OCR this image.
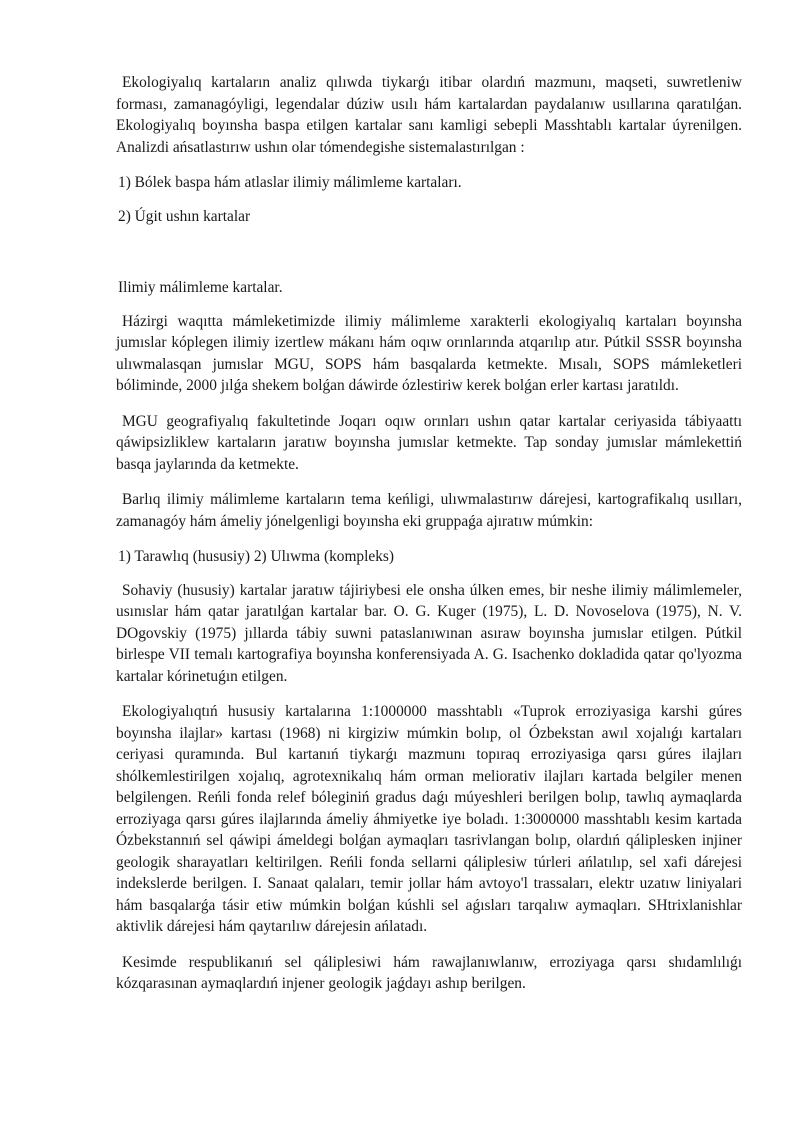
Ekologiyalıq kartaların analiz qılıwda tiykarǵı itibar olardıń mazmunı, maqseti, suwretleniw forması, zamanagóyligi, legendalar dúziw usılı hám kartalardan paydalanıw usıllarına qaratılǵan. Ekologiyalıq boyınsha baspa etilgen kartalar sanı kamligi sebepli Masshtablı kartalar úyrenilgen. Analizdi ańsatlastırıw ushın olar tómendegishe sistemalastırılgan :

1) Bólek baspa hám atlaslar ilimiy málimleme kartaları.

2) Úgit ushın kartalar

Ilimiy málimleme kartalar.

Házirgi waqıtta mámleketimizde ilimiy málimleme xarakterli ekologiyalıq kartaları boyınsha jumıslar kóplegen ilimiy izertlew mákanı hám oqıw orınlarında atqarılıp atır. Pútkil SSSR boyınsha ulıwmalasqan jumıslar MGU, SOPS hám basqalarda ketmekte. Mısalı, SOPS mámleketleri bóliminde, 2000 jılǵa shekem bolǵan dáwirde ózlestiriw kerek bolǵan erler kartası jaratıldı.

MGU geografiyalıq fakultetinde Joqarı oqıw orınları ushın qatar kartalar ceriyasida tábiyaattı qáwipsizliklew kartaların jaratıw boyınsha jumıslar ketmekte. Tap sonday jumıslar mámlekettiń basqa jaylarında da ketmekte.

Barlıq ilimiy málimleme kartaların tema keńligi, ulıwmalastırıw dárejesi, kartografikalıq usılları, zamanagóy hám ámeliy jónelgenligi boyınsha eki gruppaǵa ajıratıw múmkin:

1) Tarawlıq (hususiy) 2) Ulıwma (kompleks)

Sohaviy (hususiy) kartalar jaratıw tájiriybesi ele onsha úlken emes, bir neshe ilimiy málimlemeler, usınıslar hám qatar jaratılǵan kartalar bar. O. G. Kuger (1975), L. D. Novoselova (1975), N. V. DOgovskiy (1975) jıllarda tábiy suwni pataslanıwınan asıraw boyınsha jumıslar etilgen. Pútkil birlespe VII temalı kartografiya boyınsha konferensiyada A. G. Isachenko dokladida qatar qo'lyozma kartalar kórinetuǵın etilgen.

Ekologiyalıqtıń hususiy kartalarına 1:1000000 masshtablı «Tuprok erroziyasiga karshi gúres boyınsha ilajlar» kartası (1968) ni kirgiziw múmkin bolıp, ol Ózbekstan awıl xojalıǵı kartaları ceriyasi quramında. Bul kartanıń tiykarǵı mazmunı topıraq erroziyasiga qarsı gúres ilajları shólkemlestirilgen xojalıq, agrotexnikalıq hám orman meliorativ ilajları kartada belgiler menen belgilengen. Reńli fonda relef bóleginiń gradus daǵı múyeshleri berilgen bolıp, tawlıq aymaqlarda erroziyaga qarsı gúres ilajlarında ámeliy áhmiyetke iye boladı. 1:3000000 masshtablı kesim kartada Ózbekstannıń sel qáwipi ámeldegi bolǵan aymaqları tasrivlangan bolıp, olardıń qáliplesken injiner geologik sharayatları keltirilgen. Reńli fonda sellarni qáliplesiw túrleri ańlatılıp, sel xafi dárejesi indekslerde berilgen. I. Sanaat qalaları, temir jollar hám avtoyo'l trassaları, elektr uzatıw liniyalari hám basqalarǵa tásir etiw múmkin bolǵan kúshli sel aǵısları tarqalıw aymaqları. SHtrixlanishlar aktivlik dárejesi hám qaytarılıw dárejesin ańlatadı.

Kesimde respublikanıń sel qáliplesiwi hám rawajlanıwlanıw, erroziyaga qarsı shıdamlılıǵı kózqarasınan aymaqlardıń injener geologik jaǵdayı ashıp berilgen.
